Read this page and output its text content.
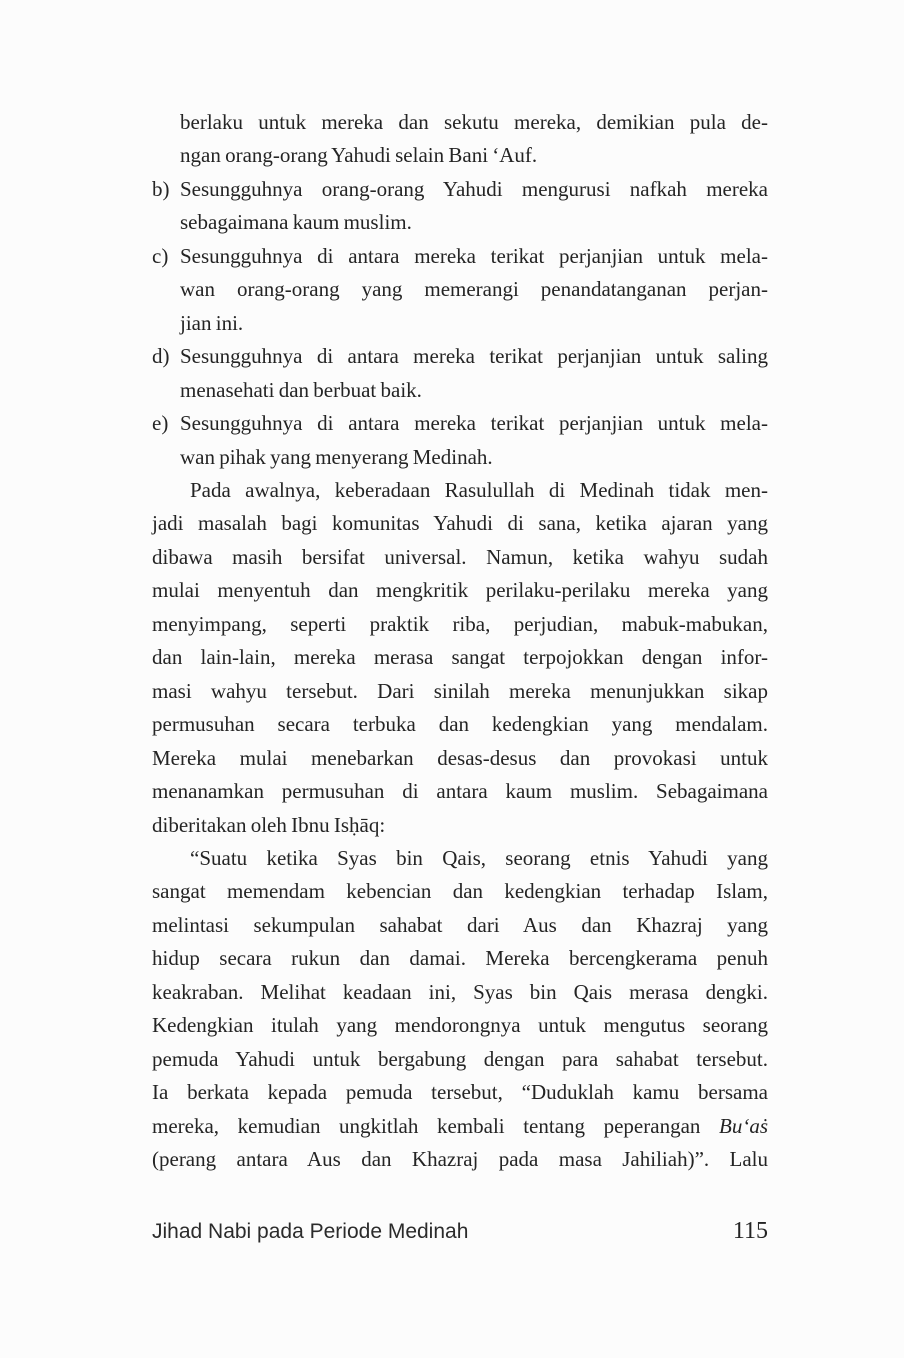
berlaku untuk mereka dan sekutu mereka, demikian pula de-
ngan orang-orang Yahudi selain Bani ‘Auf.
b) Sesungguhnya orang-orang Yahudi mengurusi nafkah mereka
sebagaimana kaum muslim.
c) Sesungguhnya di antara mereka terikat perjanjian untuk mela-
wan orang-orang yang memerangi penandatanganan perjan-
jian ini.
d) Sesungguhnya di antara mereka terikat perjanjian untuk saling
menasehati dan berbuat baik.
e) Sesungguhnya di antara mereka terikat perjanjian untuk mela-
wan pihak yang menyerang Medinah.
Pada awalnya, keberadaan Rasulullah di Medinah tidak men-
jadi masalah bagi komunitas Yahudi di sana, ketika ajaran yang
dibawa masih bersifat universal. Namun, ketika wahyu sudah
mulai menyentuh dan mengkritik perilaku-perilaku mereka yang
menyimpang, seperti praktik riba, perjudian, mabuk-mabukan,
dan lain-lain, mereka merasa sangat terpojokkan dengan infor-
masi wahyu tersebut. Dari sinilah mereka menunjukkan sikap
permusuhan secara terbuka dan kedengkian yang mendalam.
Mereka mulai menebarkan desas-desus dan provokasi untuk
menanamkan permusuhan di antara kaum muslim. Sebagaimana
diberitakan oleh Ibnu Isḥāq:
“Suatu ketika Syas bin Qais, seorang etnis Yahudi yang
sangat memendam kebencian dan kedengkian terhadap Islam,
melintasi sekumpulan sahabat dari Aus dan Khazraj yang
hidup secara rukun dan damai. Mereka bercengkerama penuh
keakraban. Melihat keadaan ini, Syas bin Qais merasa dengki.
Kedengkian itulah yang mendorongnya untuk mengutus seorang
pemuda Yahudi untuk bergabung dengan para sahabat tersebut.
Ia berkata kepada pemuda tersebut, “Duduklah kamu bersama
mereka, kemudian ungkitlah kembali tentang peperangan Bu‘aṡ
(perang antara Aus dan Khazraj pada masa Jahiliah)”. Lalu
Jihad Nabi pada Periode Medinah	115
